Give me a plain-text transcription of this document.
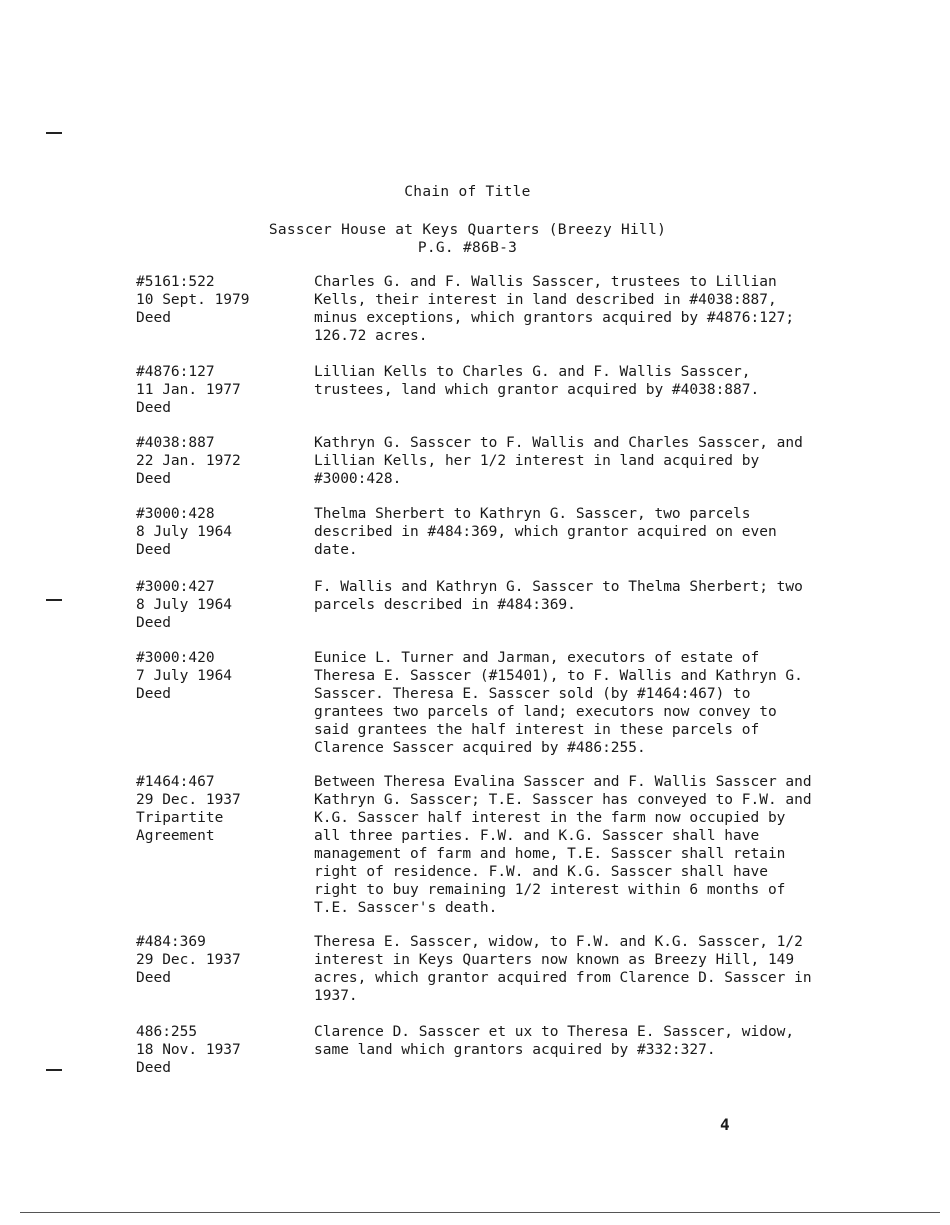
Chain of Title
Sasscer House at Keys Quarters (Breezy Hill)
P.G. #86B-3
#5161:522
10 Sept. 1979
Deed
Charles G. and F. Wallis Sasscer, trustees to Lillian Kells, their interest in land described in #4038:887, minus exceptions, which grantors acquired by #4876:127; 126.72 acres.
#4876:127
11 Jan. 1977
Deed
Lillian Kells to Charles G. and F. Wallis Sasscer, trustees, land which grantor acquired by #4038:887.
#4038:887
22 Jan. 1972
Deed
Kathryn G. Sasscer to F. Wallis and Charles Sasscer, and Lillian Kells, her 1/2 interest in land acquired by #3000:428.
#3000:428
8 July 1964
Deed
Thelma Sherbert to Kathryn G. Sasscer, two parcels described in #484:369, which grantor acquired on even date.
#3000:427
8 July 1964
Deed
F. Wallis and Kathryn G. Sasscer to Thelma Sherbert; two parcels described in #484:369.
#3000:420
7 July 1964
Deed
Eunice L. Turner and Jarman, executors of estate of Theresa E. Sasscer (#15401), to F. Wallis and Kathryn G. Sasscer. Theresa E. Sasscer sold (by #1464:467) to grantees two parcels of land; executors now convey to said grantees the half interest in these parcels of Clarence Sasscer acquired by #486:255.
#1464:467
29 Dec. 1937
Tripartite
Agreement
Between Theresa Evalina Sasscer and F. Wallis Sasscer and Kathryn G. Sasscer; T.E. Sasscer has conveyed to F.W. and K.G. Sasscer half interest in the farm now occupied by all three parties. F.W. and K.G. Sasscer shall have management of farm and home, T.E. Sasscer shall retain right of residence. F.W. and K.G. Sasscer shall have right to buy remaining 1/2 interest within 6 months of T.E. Sasscer's death.
#484:369
29 Dec. 1937
Deed
Theresa E. Sasscer, widow, to F.W. and K.G. Sasscer, 1/2 interest in Keys Quarters now known as Breezy Hill, 149 acres, which grantor acquired from Clarence D. Sasscer in 1937.
486:255
18 Nov. 1937
Deed
Clarence D. Sasscer et ux to Theresa E. Sasscer, widow, same land which grantors acquired by #332:327.
4
